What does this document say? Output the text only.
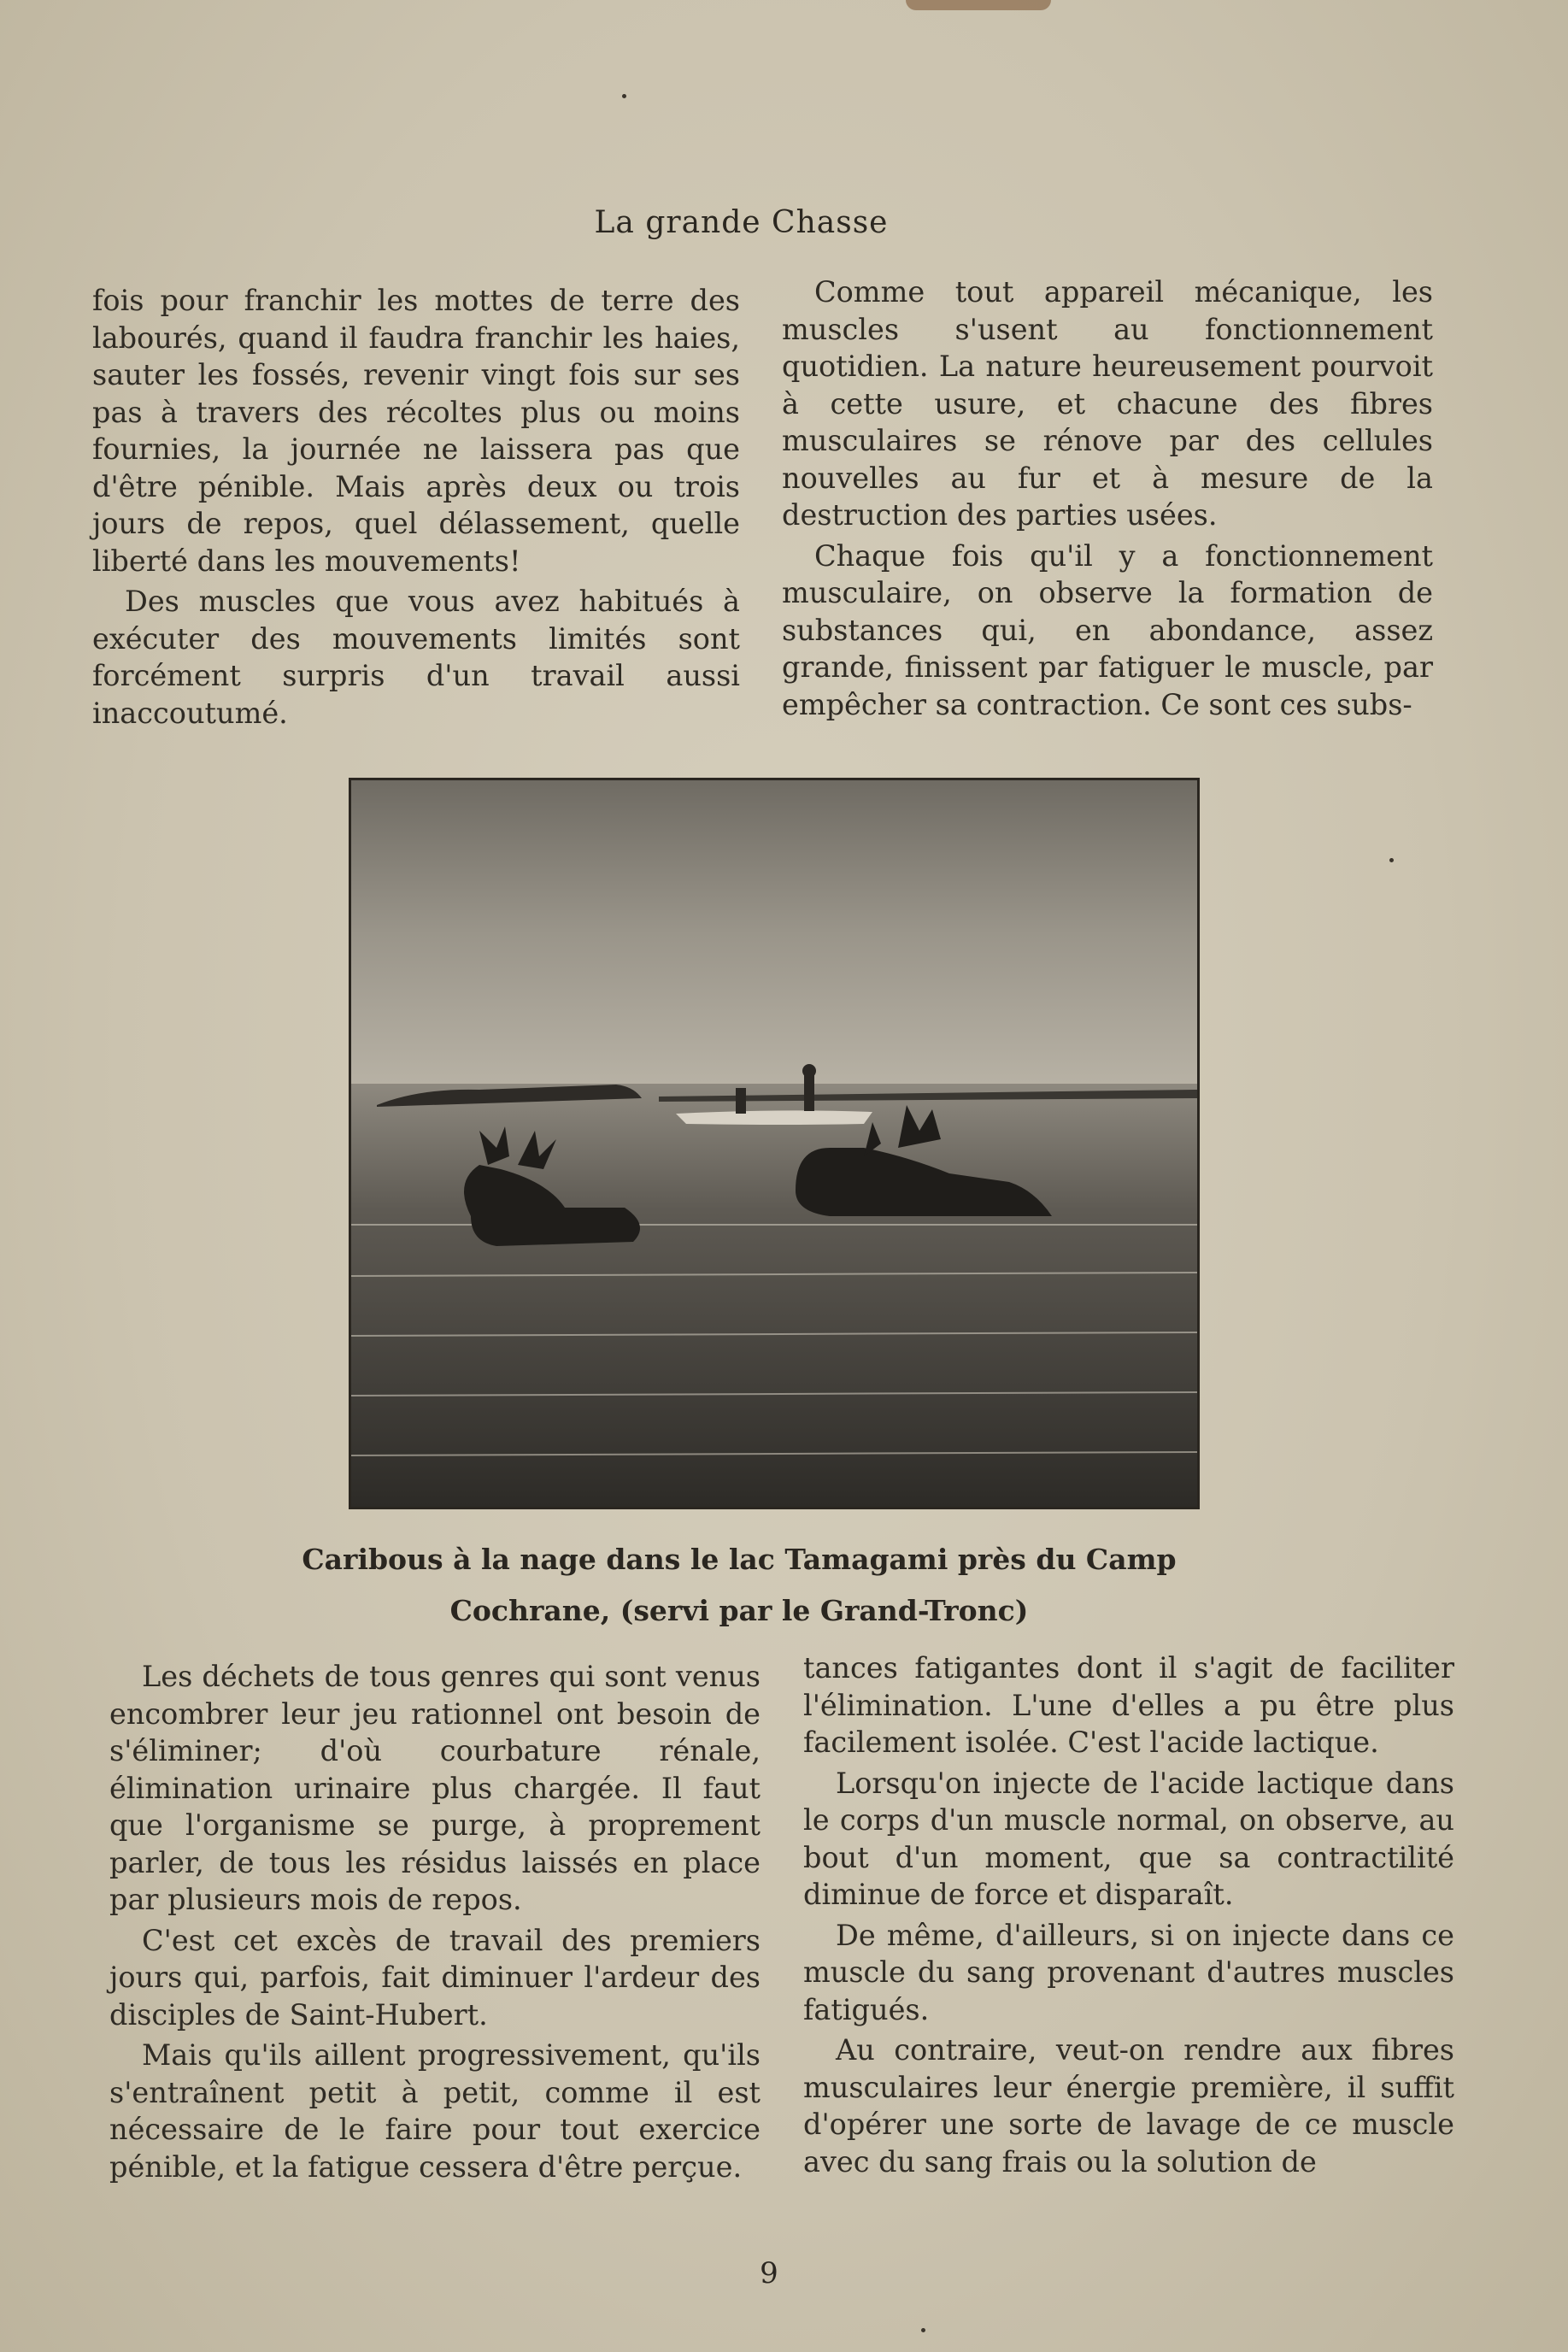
La grande Chasse

fois pour franchir les mottes de terre des labourés, quand il faudra franchir les haies, sauter les fossés, revenir vingt fois sur ses pas à travers des récoltes plus ou moins fournies, la journée ne laissera pas que d'être pénible. Mais après deux ou trois jours de repos, quel délassement, quelle liberté dans les mouvements!

Des muscles que vous avez habitués à exécuter des mouvements limités sont forcément surpris d'un travail aussi inaccoutumé.

Comme tout appareil mécanique, les muscles s'usent au fonctionnement quotidien. La nature heureusement pourvoit à cette usure, et chacune des fibres musculaires se rénove par des cellules nouvelles au fur et à mesure de la destruction des parties usées.

Chaque fois qu'il y a fonctionnement musculaire, on observe la formation de substances qui, en abondance, assez grande, finissent par fatiguer le muscle, par empêcher sa contraction. Ce sont ces subs-

Caribous à la nage dans le lac Tamagami près du Camp
Cochrane, (servi par le Grand-Tronc)

Les déchets de tous genres qui sont venus encombrer leur jeu rationnel ont besoin de s'éliminer; d'où courbature rénale, élimination urinaire plus chargée. Il faut que l'organisme se purge, à proprement parler, de tous les résidus laissés en place par plusieurs mois de repos.

C'est cet excès de travail des premiers jours qui, parfois, fait diminuer l'ardeur des disciples de Saint-Hubert.

Mais qu'ils aillent progressivement, qu'ils s'entraînent petit à petit, comme il est nécessaire de le faire pour tout exercice pénible, et la fatigue cessera d'être perçue.

tances fatigantes dont il s'agit de faciliter l'élimination. L'une d'elles a pu être plus facilement isolée. C'est l'acide lactique.

Lorsqu'on injecte de l'acide lactique dans le corps d'un muscle normal, on observe, au bout d'un moment, que sa contractilité diminue de force et disparaît.

De même, d'ailleurs, si on injecte dans ce muscle du sang provenant d'autres muscles fatigués.

Au contraire, veut-on rendre aux fibres musculaires leur énergie première, il suffit d'opérer une sorte de lavage de ce muscle avec du sang frais ou la solution de

9
